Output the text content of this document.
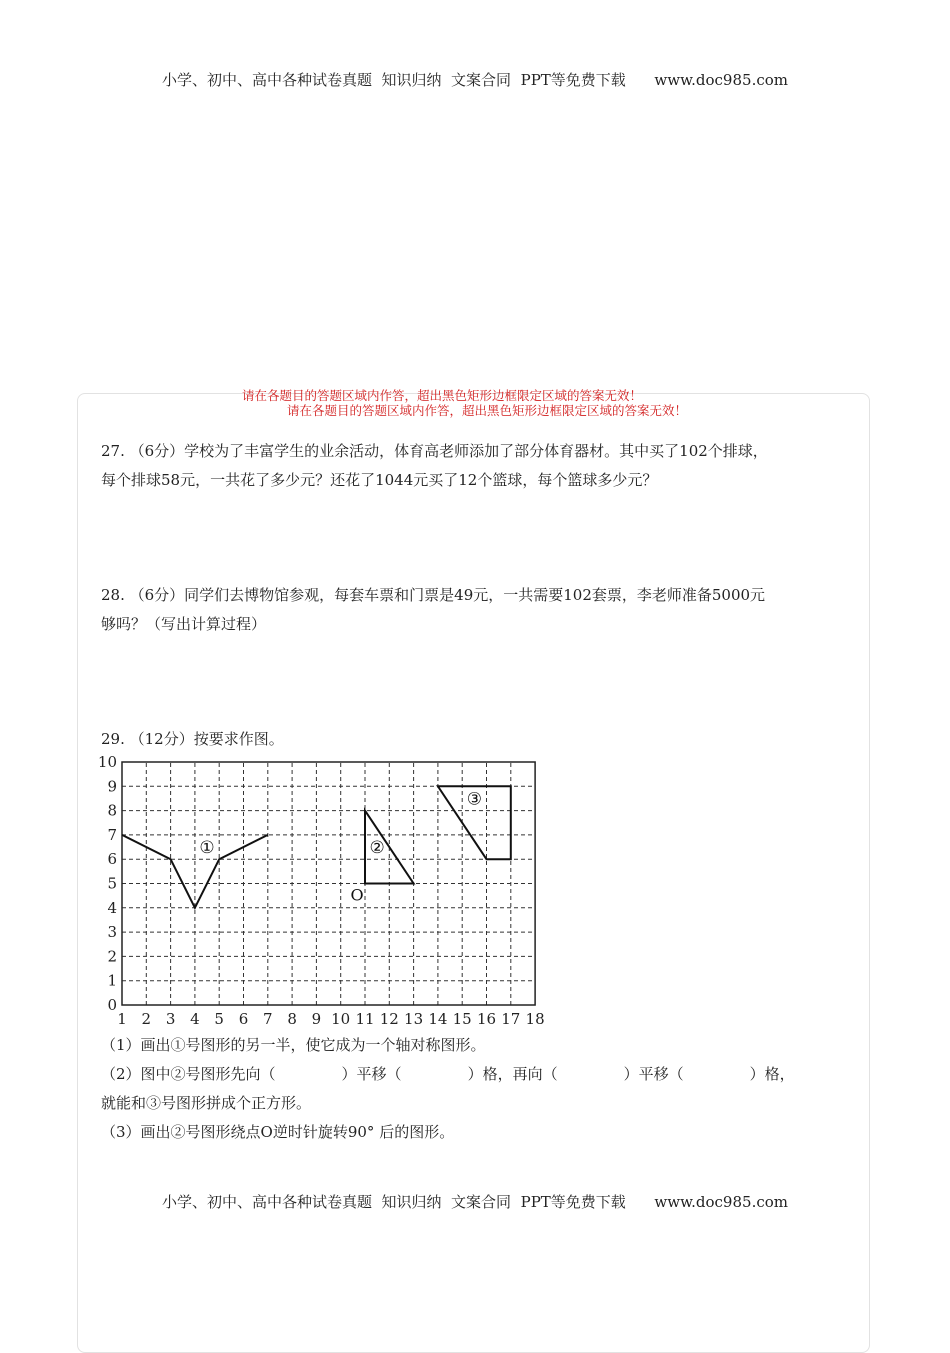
小学、初中、高中各种试卷真题  知识归纳  文案合同  PPT等免费下载      www.doc985.com
请在各题目的答题区域内作答，超出黑色矩形边框限定区域的答案无效！
请在各题目的答题区域内作答，超出黑色矩形边框限定区域的答案无效！

27. （6分）学校为了丰富学生的业余活动，体育高老师添加了部分体育器材。其中买了102个排球，

每个排球58元，一共花了多少元？还花了1044元买了12个篮球，每个篮球多少元？

28. （6分）同学们去博物馆参观，每套车票和门票是49元，一共需要102套票，李老师准备5000元

够吗？（写出计算过程）

29. （12分）按要求作图。
0
1
2
3
4
5
6
7
8
9
10
1 2 3 4 5 6 7 8 9 10 11 12 13 14 15 16 17 18
①	②
③
O

（1）画出①号图形的另一半，使它成为一个轴对称图形。

（2）图中②号图形先向（	）平移（	）格，再向（	）平移（	）格，

就能和③号图形拼成个正方形。

（3）画出②号图形绕点O逆时针旋转90° 后的图形。

小学、初中、高中各种试卷真题  知识归纳  文案合同  PPT等免费下载      www.doc985.com
